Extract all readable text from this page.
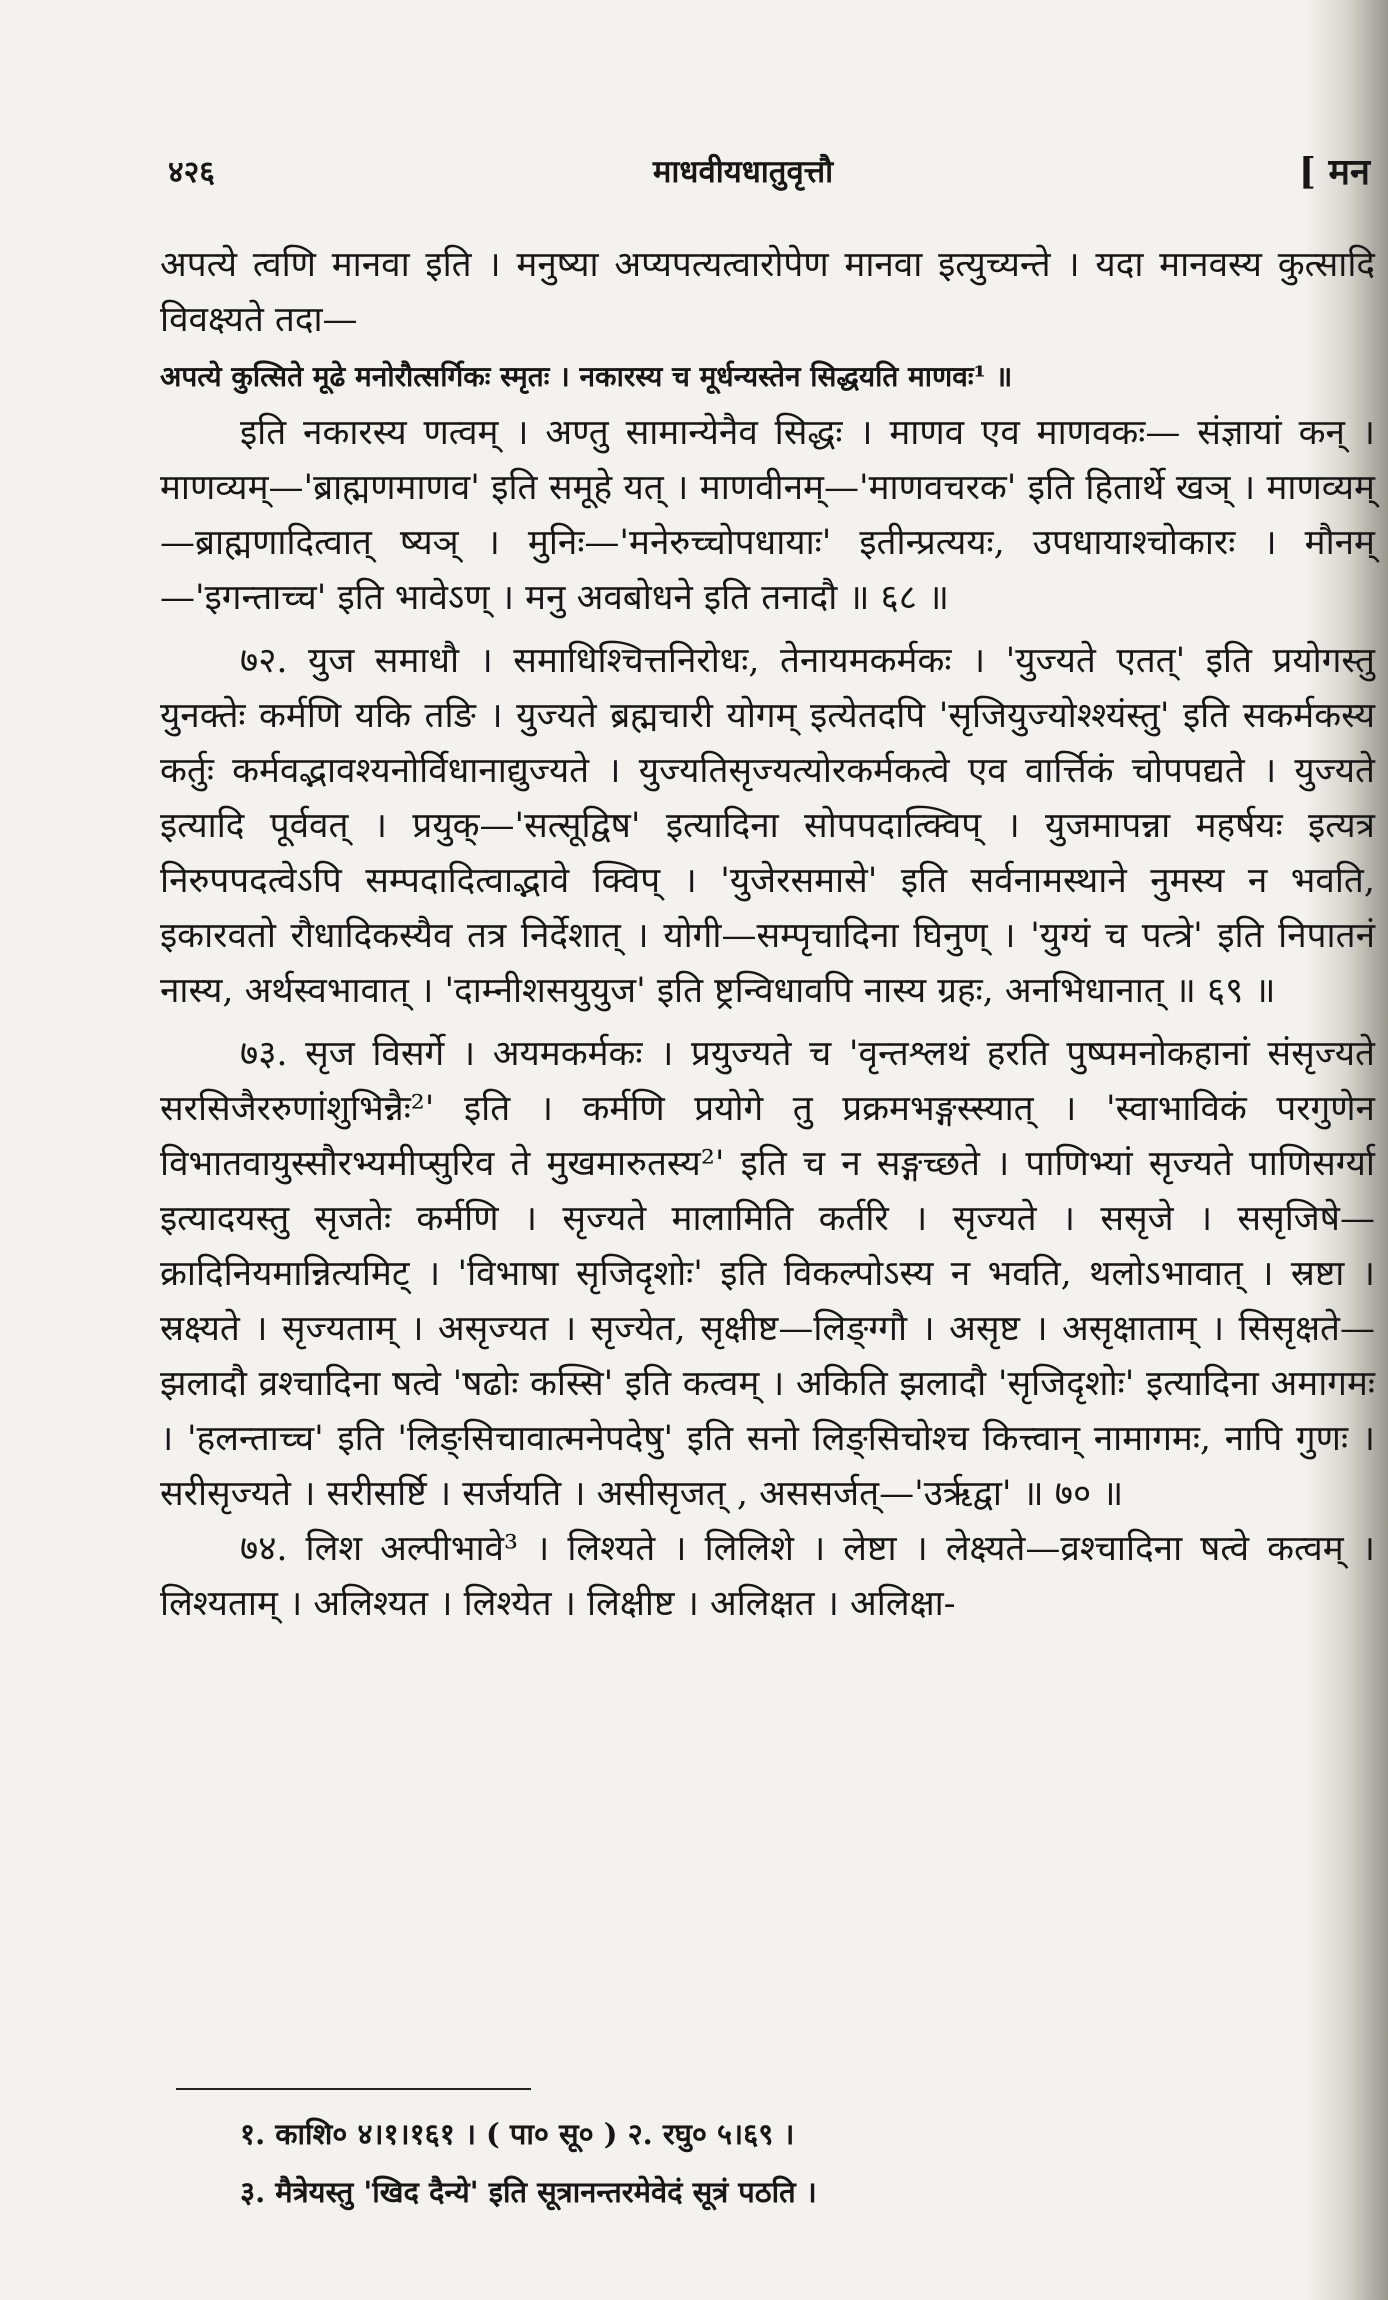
४२६	माधवीयधातुवृत्तौ	[ मन

अपत्ये त्वणि मानवा इति । मनुष्या अप्यपत्यत्वारोपेण मानवा इत्युच्यन्ते । यदा मानवस्य कुत्सादि विवक्ष्यते तदा—

अपत्ये कुत्सिते मूढे मनोरौत्सर्गिकः स्मृतः । नकारस्य च मूर्धन्यस्तेन सिद्धयति माणवः¹ ॥

इति नकारस्य णत्वम् । अण्तु सामान्येनैव सिद्धः । माणव एव माणवकः— संज्ञायां कन् । माणव्यम्—'ब्राह्मणमाणव' इति समूहे यत् । माणवीनम्—'माणवचरक' इति हितार्थे खञ् । माणव्यम्—ब्राह्मणादित्वात् ष्यञ् । मुनिः—'मनेरुच्चोपधायाः' इतीन्प्रत्ययः, उपधायाश्चोकारः । मौनम्—'इगन्ताच्च' इति भावेऽण् । मनु अवबोधने इति तनादौ ॥ ६८ ॥

७२. युज समाधौ । समाधिश्चित्तनिरोधः, तेनायमकर्मकः । 'युज्यते एतत्' इति प्रयोगस्तु युनक्तेः कर्मणि यकि तङि । युज्यते ब्रह्मचारी योगम् इत्येतदपि 'सृजियुज्योश्श्यंस्तु' इति सकर्मकस्य कर्तुः कर्मवद्भावश्यनोर्विधानाद्युज्यते । युज्यतिसृज्यत्योरकर्मकत्वे एव वार्त्तिकं चोपपद्यते । युज्यते इत्यादि पूर्ववत् । प्रयुक्—'सत्सूद्विष' इत्यादिना सोपपदात्क्विप् । युजमापन्ना महर्षयः इत्यत्र निरुपपदत्वेऽपि सम्पदादित्वाद्भावे क्विप् । 'युजेरसमासे' इति सर्वनामस्थाने नुमस्य न भवति, इकारवतो रौधादिकस्यैव तत्र निर्देशात् । योगी—सम्पृचादिना घिनुण् । 'युग्यं च पत्त्रे' इति निपातनं नास्य, अर्थस्वभावात् । 'दाम्नीशसयुयुज' इति ष्ट्रन्विधावपि नास्य ग्रहः, अनभिधानात् ॥ ६९ ॥

७३. सृज विसर्गे । अयमकर्मकः । प्रयुज्यते च 'वृन्तश्लथं हरति पुष्पमनोकहानां संसृज्यते सरसिजैररुणांशुभिन्नैः²' इति । कर्मणि प्रयोगे तु प्रक्रमभङ्गस्स्यात् । 'स्वाभाविकं परगुणेन विभातवायुस्सौरभ्यमीप्सुरिव ते मुखमारुतस्य²' इति च न सङ्गच्छते । पाणिभ्यां सृज्यते पाणिसर्ग्या इत्यादयस्तु सृजतेः कर्मणि । सृज्यते मालामिति कर्तरि । सृज्यते । ससृजे । ससृजिषे—क्रादिनियमान्नित्यमिट् । 'विभाषा सृजिदृशोः' इति विकल्पोऽस्य न भवति, थलोऽभावात् । स्रष्टा । स्रक्ष्यते । सृज्यताम् । असृज्यत । सृज्येत, सृक्षीष्ट—लिङ्ग्गौ । असृष्ट । असृक्षाताम् । सिसृक्षते—झलादौ व्रश्चादिना षत्वे 'षढोः कस्सि' इति कत्वम् । अकिति झलादौ 'सृजिदृशोः' इत्यादिना अमागमः । 'हलन्ताच्च' इति 'लिङ्सिचावात्मनेपदेषु' इति सनो लिङ्सिचोश्च कित्त्वान् नामागमः, नापि गुणः । सरीसृज्यते । सरीसर्ष्टि । सर्जयति । असीसृजत् , अससर्जत्—'उर्ऋद्वा' ॥ ७० ॥

७४. लिश अल्पीभावे³ । लिश्यते । लिलिशे । लेष्टा । लेक्ष्यते—व्रश्चादिना षत्वे कत्वम् । लिश्यताम् । अलिश्यत । लिश्येत । लिक्षीष्ट । अलिक्षत । अलिक्षा-

१. काशि० ४।१।१६१ । ( पा० सू० ) २. रघु० ५।६९ ।

३. मैत्रेयस्तु 'खिद दैन्ये' इति सूत्रानन्तरमेवेदं सूत्रं पठति ।
